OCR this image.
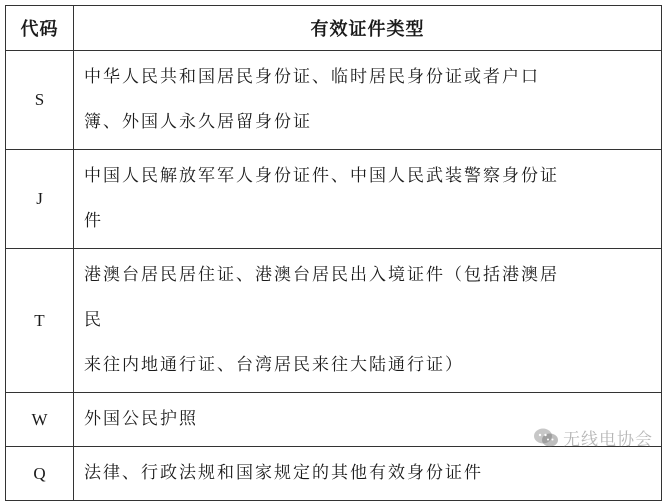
代码	有效证件类型
S	中华人民共和国居民身份证、临时居民身份证或者户口
簿、外国人永久居留身份证

J	中国人民解放军军人身份证件、中国人民武装警察身份证
件

T	港澳台居民居住证、港澳台居民出入境证件（包括港澳居
民
来往内地通行证、台湾居民来往大陆通行证）

W	外国公民护照

Q	法律、行政法规和国家规定的其他有效身份证件
无线电协会
